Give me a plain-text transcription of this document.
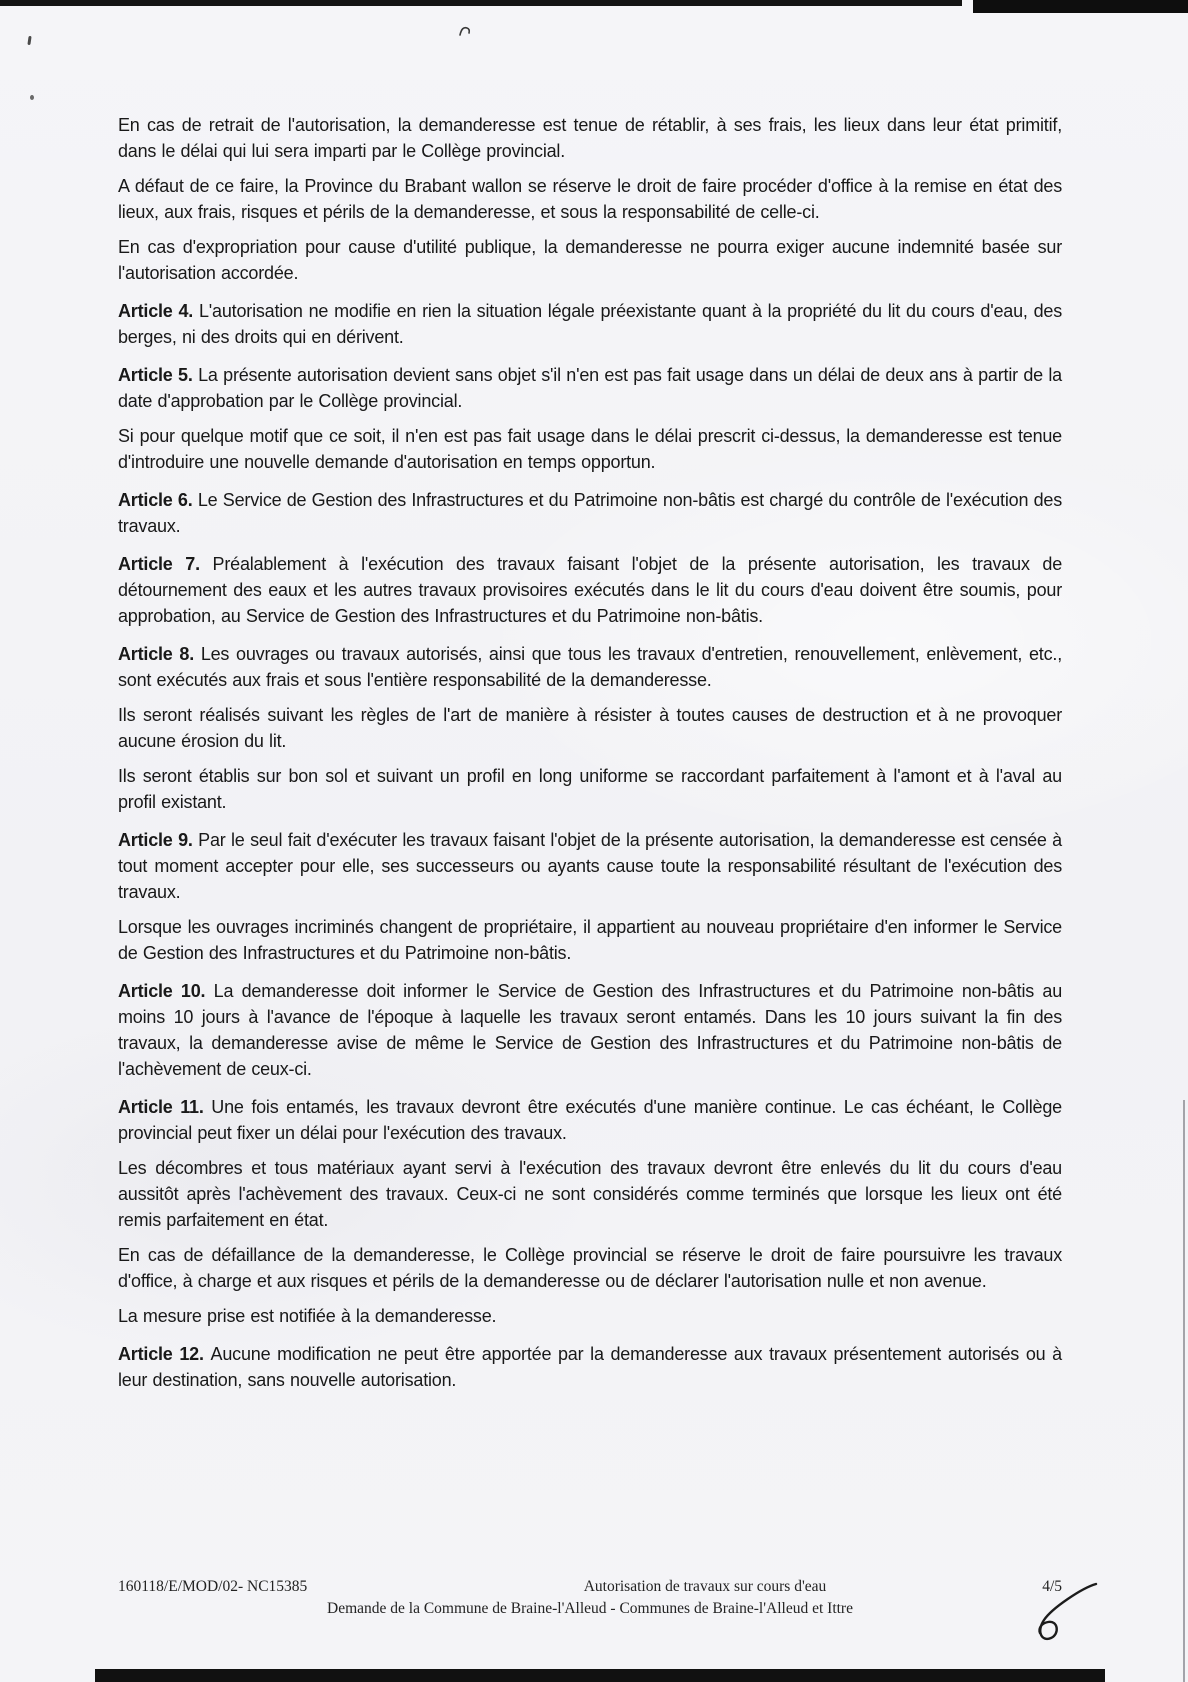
En cas de retrait de l'autorisation, la demanderesse est tenue de rétablir, à ses frais, les lieux dans leur état primitif, dans le délai qui lui sera imparti par le Collège provincial.

A défaut de ce faire, la Province du Brabant wallon se réserve le droit de faire procéder d'office à la remise en état des lieux, aux frais, risques et périls de la demanderesse, et sous la responsabilité de celle-ci.

En cas d'expropriation pour cause d'utilité publique, la demanderesse ne pourra exiger aucune indemnité basée sur l'autorisation accordée.

Article 4. L'autorisation ne modifie en rien la situation légale préexistante quant à la propriété du lit du cours d'eau, des berges, ni des droits qui en dérivent.

Article 5. La présente autorisation devient sans objet s'il n'en est pas fait usage dans un délai de deux ans à partir de la date d'approbation par le Collège provincial.

Si pour quelque motif que ce soit, il n'en est pas fait usage dans le délai prescrit ci-dessus, la demanderesse est tenue d'introduire une nouvelle demande d'autorisation en temps opportun.

Article 6. Le Service de Gestion des Infrastructures et du Patrimoine non-bâtis est chargé du contrôle de l'exécution des travaux.

Article 7. Préalablement à l'exécution des travaux faisant l'objet de la présente autorisation, les travaux de détournement des eaux et les autres travaux provisoires exécutés dans le lit du cours d'eau doivent être soumis, pour approbation, au Service de Gestion des Infrastructures et du Patrimoine non-bâtis.

Article 8. Les ouvrages ou travaux autorisés, ainsi que tous les travaux d'entretien, renouvellement, enlèvement, etc., sont exécutés aux frais et sous l'entière responsabilité de la demanderesse.

Ils seront réalisés suivant les règles de l'art de manière à résister à toutes causes de destruction et à ne provoquer aucune érosion du lit.

Ils seront établis sur bon sol et suivant un profil en long uniforme se raccordant parfaitement à l'amont et à l'aval au profil existant.

Article 9. Par le seul fait d'exécuter les travaux faisant l'objet de la présente autorisation, la demanderesse est censée à tout moment accepter pour elle, ses successeurs ou ayants cause toute la responsabilité résultant de l'exécution des travaux.

Lorsque les ouvrages incriminés changent de propriétaire, il appartient au nouveau propriétaire d'en informer le Service de Gestion des Infrastructures et du Patrimoine non-bâtis.

Article 10. La demanderesse doit informer le Service de Gestion des Infrastructures et du Patrimoine non-bâtis au moins 10 jours à l'avance de l'époque à laquelle les travaux seront entamés. Dans les 10 jours suivant la fin des travaux, la demanderesse avise de même le Service de Gestion des Infrastructures et du Patrimoine non-bâtis de l'achèvement de ceux-ci.

Article 11. Une fois entamés, les travaux devront être exécutés d'une manière continue. Le cas échéant, le Collège provincial peut fixer un délai pour l'exécution des travaux.

Les décombres et tous matériaux ayant servi à l'exécution des travaux devront être enlevés du lit du cours d'eau aussitôt après l'achèvement des travaux. Ceux-ci ne sont considérés comme terminés que lorsque les lieux ont été remis parfaitement en état.

En cas de défaillance de la demanderesse, le Collège provincial se réserve le droit de faire poursuivre les travaux d'office, à charge et aux risques et périls de la demanderesse ou de déclarer l'autorisation nulle et non avenue.

La mesure prise est notifiée à la demanderesse.

Article 12. Aucune modification ne peut être apportée par la demanderesse aux travaux présentement autorisés ou à leur destination, sans nouvelle autorisation.

160118/E/MOD/02- NC15385	Autorisation de travaux sur cours d'eau	4/5
Demande de la Commune de Braine-l'Alleud - Communes de Braine-l'Alleud et Ittre
